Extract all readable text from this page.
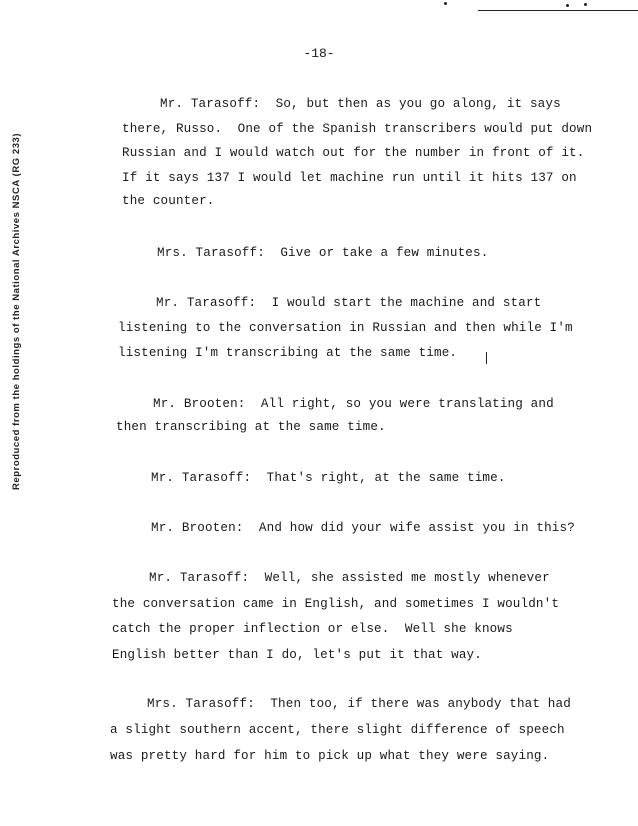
Reproduced from the holdings of the National Archives NSCA (RG 233)
-18-
Mr. Tarasoff: So, but then as you go along, it says
there, Russo.  One of the Spanish transcribers would put down
Russian and I would watch out for the number in front of it.
If it says 137 I would let machine run until it hits 137 on
the counter.
Mrs. Tarasoff: Give or take a few minutes.
Mr. Tarasoff: I would start the machine and start
listening to the conversation in Russian and then while I'm
listening I'm transcribing at the same time.
Mr. Brooten: All right, so you were translating and
then transcribing at the same time.
Mr. Tarasoff: That's right, at the same time.
Mr. Brooten: And how did your wife assist you in this?
Mr. Tarasoff: Well, she assisted me mostly whenever
the conversation came in English, and sometimes I wouldn't
catch the proper inflection or else.  Well she knows
English better than I do, let's put it that way.
Mrs. Tarasoff: Then too, if there was anybody that had
a slight southern accent, there slight difference of speech
was pretty hard for him to pick up what they were saying.
